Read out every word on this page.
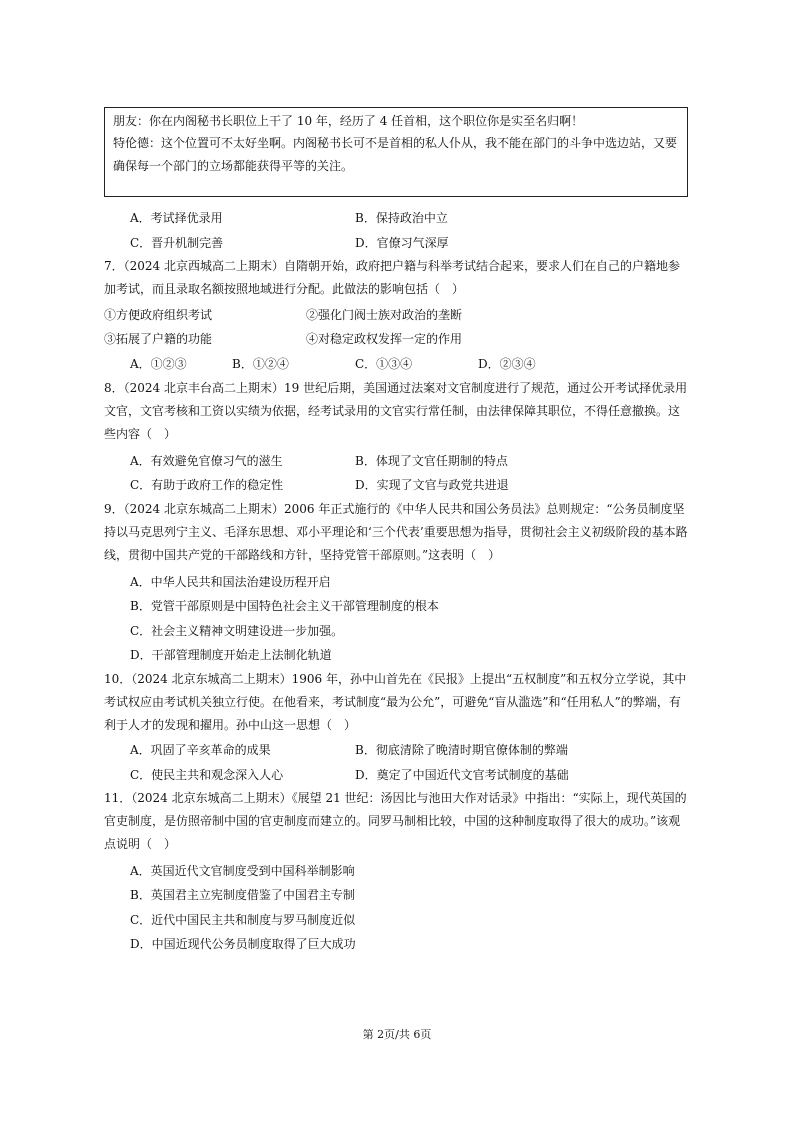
朋友：你在内阁秘书长职位上干了 10 年，经历了 4 任首相，这个职位你是实至名归啊！

特伦德：这个位置可不太好坐啊。内阁秘书长可不是首相的私人仆从，我不能在部门的斗争中选边站，又要确保每一个部门的立场都能获得平等的关注。

A．考试择优录用	B．保持政治中立
C．晋升机制完善	D．官僚习气深厚
7．（2024 北京西城高二上期末）自隋朝开始，政府把户籍与科举考试结合起来，要求人们在自己的户籍地参加考试，而且录取名额按照地域进行分配。此做法的影响包括（　）
①方便政府组织考试	②强化门阀士族对政治的垄断
③拓展了户籍的功能	④对稳定政权发挥一定的作用
A．①②③	B．①②④	C．①③④	D．②③④
8．（2024 北京丰台高二上期末）19 世纪后期，美国通过法案对文官制度进行了规范，通过公开考试择优录用文官，文官考核和工资以实绩为依据，经考试录用的文官实行常任制，由法律保障其职位，不得任意撤换。这些内容（　）
A．有效避免官僚习气的滋生	B．体现了文官任期制的特点
C．有助于政府工作的稳定性	D．实现了文官与政党共进退
9．（2024 北京东城高二上期末）2006 年正式施行的《中华人民共和国公务员法》总则规定：“公务员制度坚持以马克思列宁主义、毛泽东思想、邓小平理论和‘三个代表’重要思想为指导，贯彻社会主义初级阶段的基本路线，贯彻中国共产党的干部路线和方针，坚持党管干部原则。”这表明（　）
A．中华人民共和国法治建设历程开启
B．党管干部原则是中国特色社会主义干部管理制度的根本
C．社会主义精神文明建设进一步加强。
D．干部管理制度开始走上法制化轨道
10．（2024 北京东城高二上期末）1906 年，孙中山首先在《民报》上提出“五权制度”和五权分立学说，其中考试权应由考试机关独立行使。在他看来，考试制度“最为公允”，可避免“盲从滥选”和“任用私人”的弊端，有利于人才的发现和擢用。孙中山这一思想（　）
A．巩固了辛亥革命的成果	B．彻底清除了晚清时期官僚体制的弊端
C．使民主共和观念深入人心	D．奠定了中国近代文官考试制度的基础
11．（2024 北京东城高二上期末）《展望 21 世纪：汤因比与池田大作对话录》中指出：“实际上，现代英国的官吏制度，是仿照帝制中国的官吏制度而建立的。同罗马制相比较，中国的这种制度取得了很大的成功。”该观点说明（　）
A．英国近代文官制度受到中国科举制影响
B．英国君主立宪制度借鉴了中国君主专制
C．近代中国民主共和制度与罗马制度近似
D．中国近现代公务员制度取得了巨大成功
第 2页/共 6页
